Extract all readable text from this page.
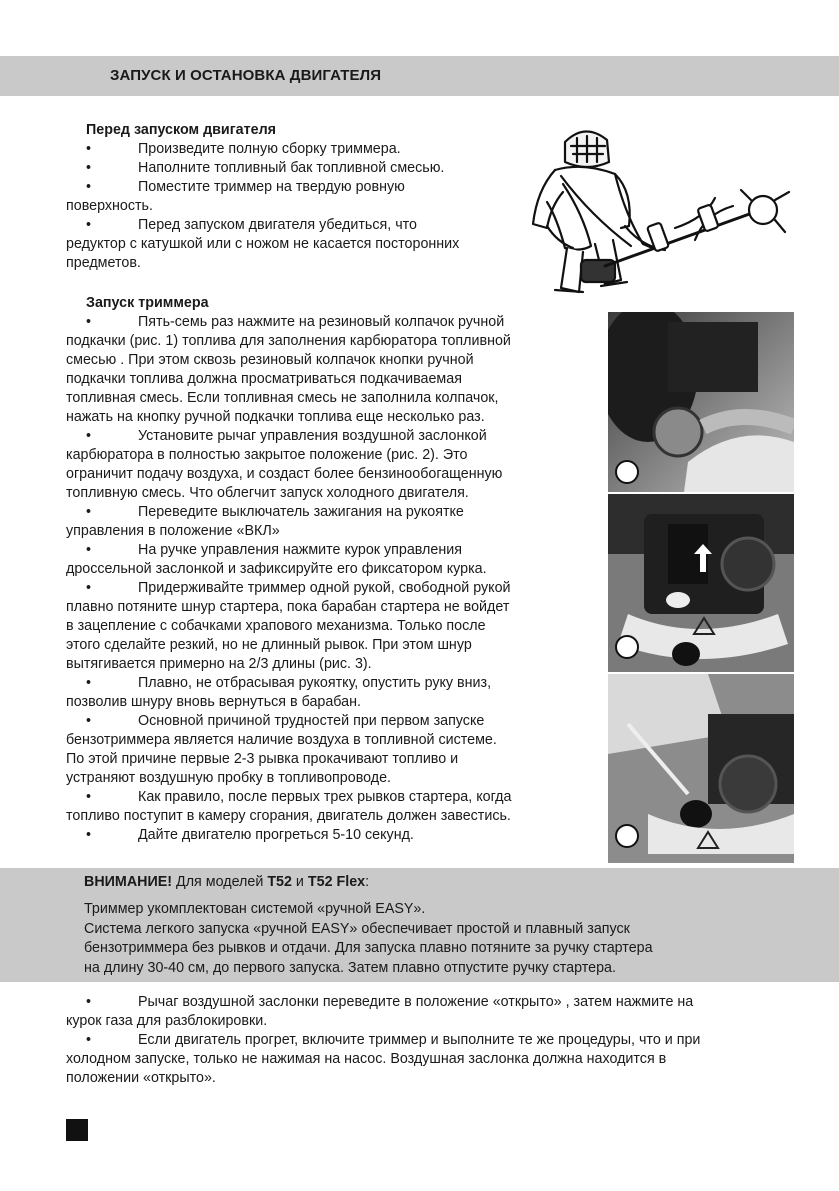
ЗАПУСК И ОСТАНОВКА ДВИГАТЕЛЯ

Перед запуском двигателя

•	Произведите полную сборку триммера.

•	Наполните топливный бак топливной смесью.

•	Поместите триммер на твердую ровную

поверхность.

•	Перед запуском двигателя убедиться, что

редуктор с катушкой или с ножом не касается посторонних

предметов.

Запуск триммера

•	Пять-семь раз нажмите на резиновый колпачок ручной

подкачки (рис. 1) топлива для заполнения карбюратора топливной

смесью . При этом сквозь резиновый колпачок кнопки ручной

подкачки топлива должна просматриваться подкачиваемая

топливная смесь. Если топливная смесь не заполнила колпачок,

нажать на кнопку ручной подкачки топлива еще несколько раз.

•	Установите рычаг управления воздушной заслонкой

карбюратора в полностью закрытое положение (рис. 2). Это

ограничит подачу воздуха, и создаст более бензинообогащенную

топливную смесь. Что облегчит запуск холодного двигателя.

•	Переведите выключатель зажигания на рукоятке

управления в положение «ВКЛ»

•	На ручке управления нажмите курок управления

дроссельной заслонкой и зафиксируйте его фиксатором курка.

•	Придерживайте триммер одной рукой, свободной рукой

плавно потяните шнур стартера, пока барабан стартера не войдет

в зацепление с собачками храпового механизма. Только после

этого сделайте резкий, но не длинный рывок. При этом шнур

вытягивается примерно на 2/3 длины (рис. 3).

•	Плавно, не отбрасывая рукоятку, опустить руку вниз,

позволив шнуру вновь вернуться в барабан.

•	Основной причиной трудностей при первом запуске

бензотриммера является наличие воздуха в топливной системе.

По этой причине первые 2-3 рывка прокачивают топливо и

устраняют воздушную пробку в топливопроводе.

•	Как правило, после первых трех рывков стартера, когда

топливо поступит в камеру сгорания, двигатель должен завестись.

•	Дайте двигателю прогреться 5-10 секунд.

ВНИМАНИЕ! Для моделей T52 и T52 Flex:

Триммер укомплектован системой «ручной EASY».

Система легкого запуска «ручной EASY» обеспечивает простой и плавный запуск

бензотриммера без рывков и отдачи. Для запуска плавно потяните за ручку стартера

на длину 30-40 см, до первого запуска. Затем плавно отпустите ручку стартера.

•	Рычаг воздушной заслонки переведите в положение «открыто» , затем нажмите на

курок газа для разблокировки.

•	Если двигатель прогрет, включите триммер и выполните те же процедуры, что и при

холодном запуске, только не нажимая на насос. Воздушная заслонка должна находится в

положении «открыто».
